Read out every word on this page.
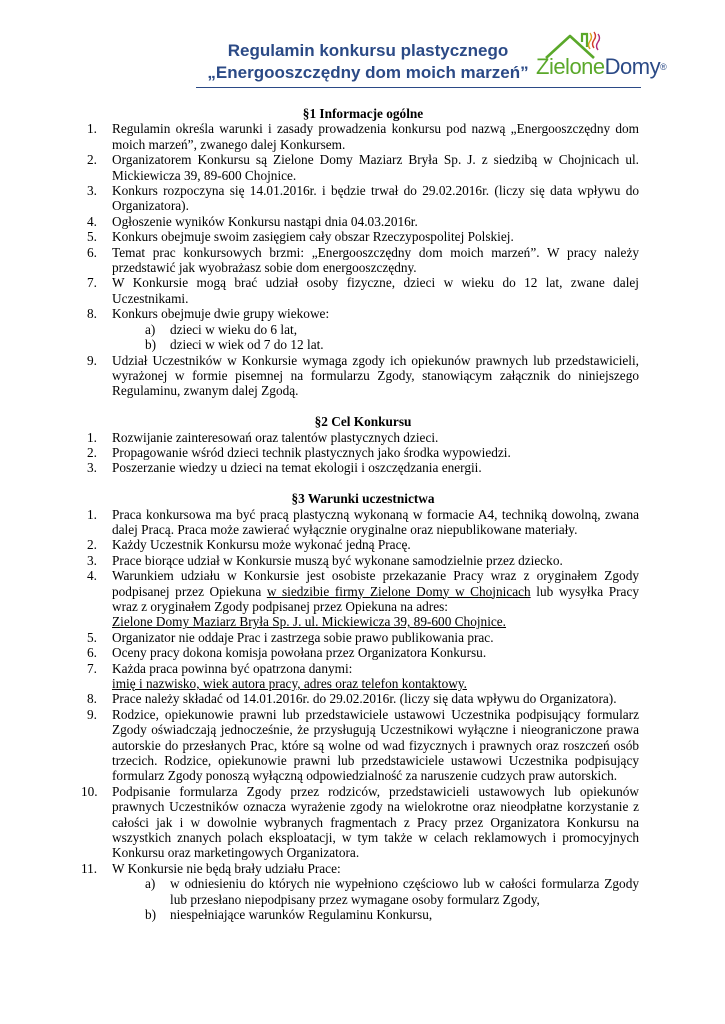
Regulamin konkursu plastycznego
„Energooszczędny dom moich marzeń” ZieloneDomy®

§1 Informacje ogólne

1.	Regulamin określa warunki i zasady prowadzenia konkursu pod nazwą „Energooszczędny dom moich marzeń”, zwanego dalej Konkursem.
2.	Organizatorem Konkursu są Zielone Domy Maziarz Bryła Sp. J. z siedzibą w Chojnicach ul. Mickiewicza 39, 89-600 Chojnice.
3.	Konkurs rozpoczyna się 14.01.2016r. i będzie trwał do 29.02.2016r. (liczy się data wpływu do Organizatora).
4.	Ogłoszenie wyników Konkursu nastąpi dnia 04.03.2016r.
5.	Konkurs obejmuje swoim zasięgiem cały obszar Rzeczypospolitej Polskiej.
6.	Temat prac konkursowych brzmi: „Energooszczędny dom moich marzeń”. W pracy należy przedstawić jak wyobrażasz sobie dom energooszczędny.
7.	W Konkursie mogą brać udział osoby fizyczne, dzieci w wieku do 12 lat, zwane dalej Uczestnikami.
8.	Konkurs obejmuje dwie grupy wiekowe:
a)	dzieci w wieku do 6 lat,
b)	dzieci w wiek od 7 do 12 lat.
9.	Udział Uczestników w Konkursie wymaga zgody ich opiekunów prawnych lub przedstawicieli, wyrażonej w formie pisemnej na formularzu Zgody, stanowiącym załącznik do niniejszego Regulaminu, zwanym dalej Zgodą.

§2 Cel Konkursu

1.	Rozwijanie zainteresowań oraz talentów plastycznych dzieci.
2.	Propagowanie wśród dzieci technik plastycznych jako środka wypowiedzi.
3.	Poszerzanie wiedzy u dzieci na temat ekologii i oszczędzania energii.

§3 Warunki uczestnictwa

1.	Praca konkursowa ma być pracą plastyczną wykonaną w formacie A4, techniką dowolną, zwana dalej Pracą. Praca może zawierać wyłącznie oryginalne oraz niepublikowane materiały.
2.	Każdy Uczestnik Konkursu może wykonać jedną Pracę.
3.	Prace biorące udział w Konkursie muszą być wykonane samodzielnie przez dziecko.
4.	Warunkiem udziału w Konkursie jest osobiste przekazanie Pracy wraz z oryginałem Zgody podpisanej przez Opiekuna w siedzibie firmy Zielone Domy w Chojnicach lub wysyłka Pracy wraz z oryginałem Zgody podpisanej przez Opiekuna na adres:
Zielone Domy Maziarz Bryła Sp. J. ul. Mickiewicza 39, 89-600 Chojnice.
5.	Organizator nie oddaje Prac i zastrzega sobie prawo publikowania prac.
6.	Oceny pracy dokona komisja powołana przez Organizatora Konkursu.
7.	Każda praca powinna być opatrzona danymi:
imię i nazwisko, wiek autora pracy, adres oraz telefon kontaktowy.
8.	Prace należy składać od 14.01.2016r. do 29.02.2016r. (liczy się data wpływu do Organizatora).
9.	Rodzice, opiekunowie prawni lub przedstawiciele ustawowi Uczestnika podpisujący formularz Zgody oświadczają jednocześnie, że przysługują Uczestnikowi wyłączne i nieograniczone prawa autorskie do przesłanych Prac, które są wolne od wad fizycznych i prawnych oraz roszczeń osób trzecich. Rodzice, opiekunowie prawni lub przedstawiciele ustawowi Uczestnika podpisujący formularz Zgody ponoszą wyłączną odpowiedzialność za naruszenie cudzych praw autorskich.
10.	Podpisanie formularza Zgody przez rodziców, przedstawicieli ustawowych lub opiekunów prawnych Uczestników oznacza wyrażenie zgody na wielokrotne oraz nieodpłatne korzystanie z całości jak i w dowolnie wybranych fragmentach z Pracy przez Organizatora Konkursu na wszystkich znanych polach eksploatacji, w tym także w celach reklamowych i promocyjnych Konkursu oraz marketingowych Organizatora.
11.	W Konkursie nie będą brały udziału Prace:
a)	w odniesieniu do których nie wypełniono częściowo lub w całości formularza Zgody lub przesłano niepodpisany przez wymagane osoby formularz Zgody,
b)	niespełniające warunków Regulaminu Konkursu,
